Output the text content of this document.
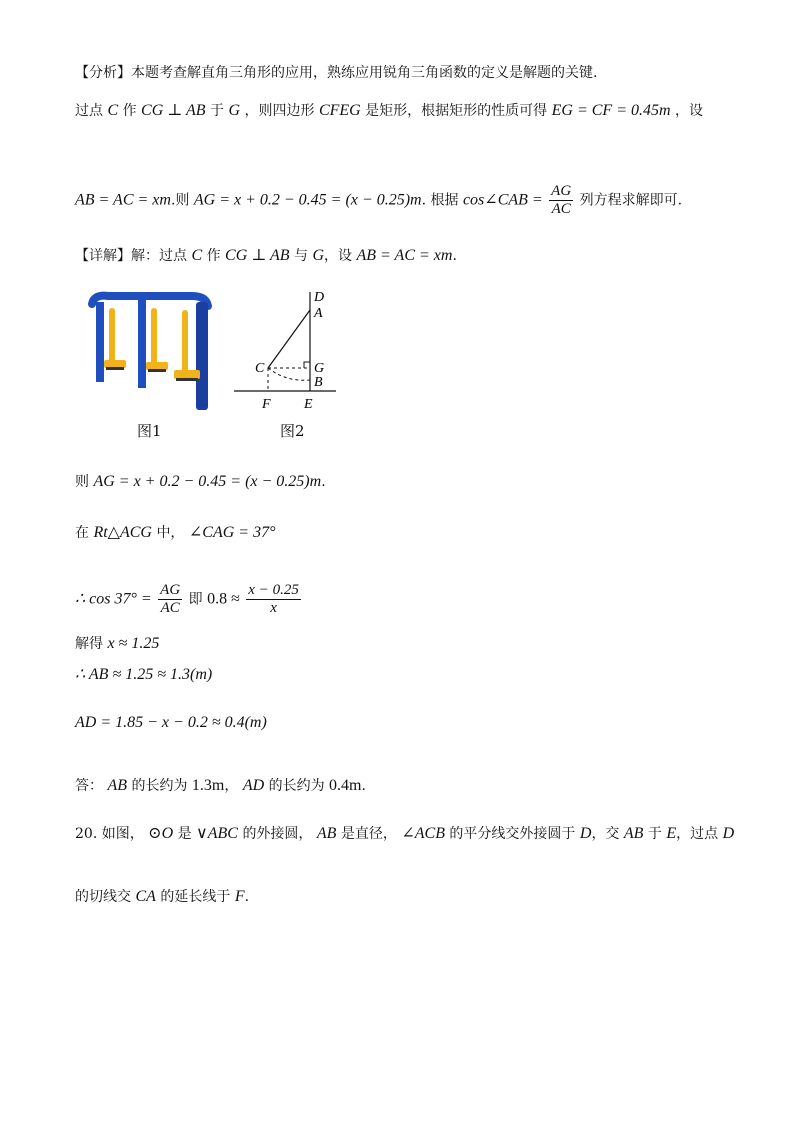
【分析】本题考查解直角三角形的应用，熟练应用锐角三角函数的定义是解题的关键.
过点 C 作 CG ⊥ AB 于 G ，则四边形 CFEG 是矩形，根据矩形的性质可得 EG = CF = 0.45m ，设
AB = AC = xm.则 AG = x + 0.2 − 0.45 = (x − 0.25)m. 根据 cos∠CAB = $\frac{AG}{AC}$ 列方程求解即可.
【详解】解：过点 C 作 CG ⊥ AB 与 G，设 AB = AC = xm.
图1
D
A
C	G
B
F E
图2
则 AG = x + 0.2 − 0.45 = (x − 0.25)m.
在 Rt△ACG 中， ∠CAG = 37°
∴ $\cos 37^\circ = \frac{AG}{AC}$ 即 $0.8 \approx \frac{x - 0.25}{x}$
解得 x ≈ 1.25
∴ AB ≈ 1.25 ≈ 1.3(m)
AD = 1.85 − x − 0.2 ≈ 0.4(m)
答： AB 的长约为 1.3m， AD 的长约为 0.4m.
20. 如图， ⊙O 是 ∨ABC 的外接圆， AB 是直径， ∠ACB 的平分线交外接圆于 D，交 AB 于 E，过点 D
的切线交 CA 的延长线于 F.
